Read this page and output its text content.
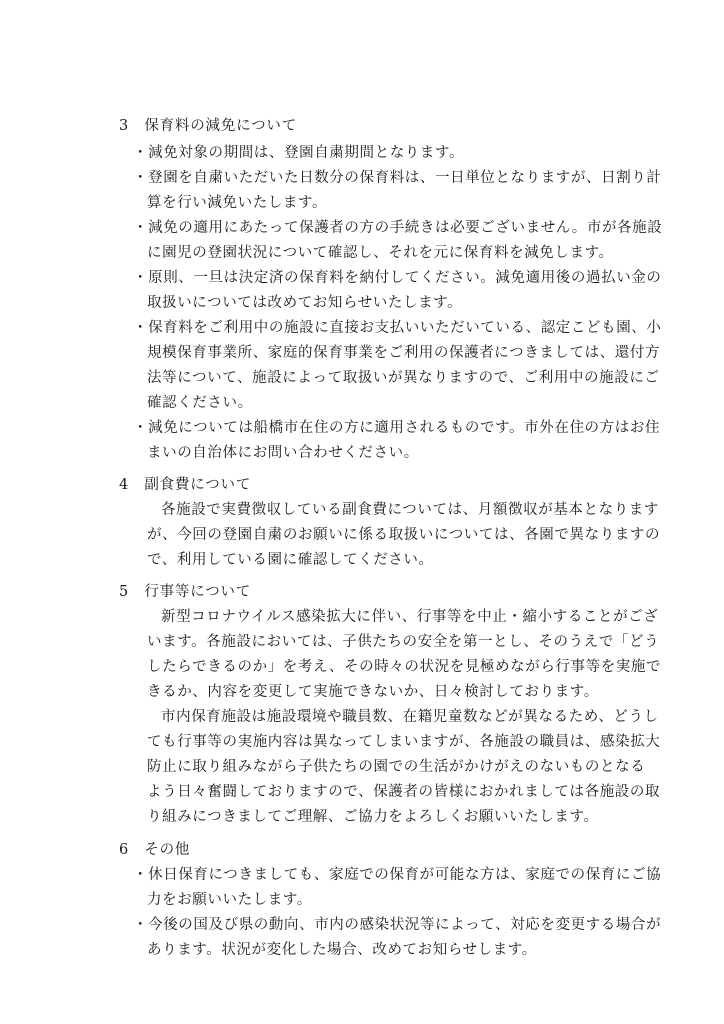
3　保育料の減免について
・減免対象の期間は、登園自粛期間となります。
・登園を自粛いただいた日数分の保育料は、一日単位となりますが、日割り計
算を行い減免いたします。
・減免の適用にあたって保護者の方の手続きは必要ございません。市が各施設
に園児の登園状況について確認し、それを元に保育料を減免します。
・原則、一旦は決定済の保育料を納付してください。減免適用後の過払い金の
取扱いについては改めてお知らせいたします。
・保育料をご利用中の施設に直接お支払いいただいている、認定こども園、小
規模保育事業所、家庭的保育事業をご利用の保護者につきましては、還付方
法等について、施設によって取扱いが異なりますので、ご利用中の施設にご
確認ください。
・減免については船橋市在住の方に適用されるものです。市外在住の方はお住
まいの自治体にお問い合わせください。
4　副食費について
各施設で実費徴収している副食費については、月額徴収が基本となります
が、今回の登園自粛のお願いに係る取扱いについては、各園で異なりますの
で、利用している園に確認してください。
5　行事等について
新型コロナウイルス感染拡大に伴い、行事等を中止・縮小することがござ
います。各施設においては、子供たちの安全を第一とし、そのうえで「どう
したらできるのか」を考え、その時々の状況を見極めながら行事等を実施で
きるか、内容を変更して実施できないか、日々検討しております。
市内保育施設は施設環境や職員数、在籍児童数などが異なるため、どうし
ても行事等の実施内容は異なってしまいますが、各施設の職員は、感染拡大
防止に取り組みながら子供たちの園での生活がかけがえのないものとなる
よう日々奮闘しておりますので、保護者の皆様におかれましては各施設の取
り組みにつきましてご理解、ご協力をよろしくお願いいたします。
6　その他
・休日保育につきましても、家庭での保育が可能な方は、家庭での保育にご協
力をお願いいたします。
・今後の国及び県の動向、市内の感染状況等によって、対応を変更する場合が
あります。状況が変化した場合、改めてお知らせします。
